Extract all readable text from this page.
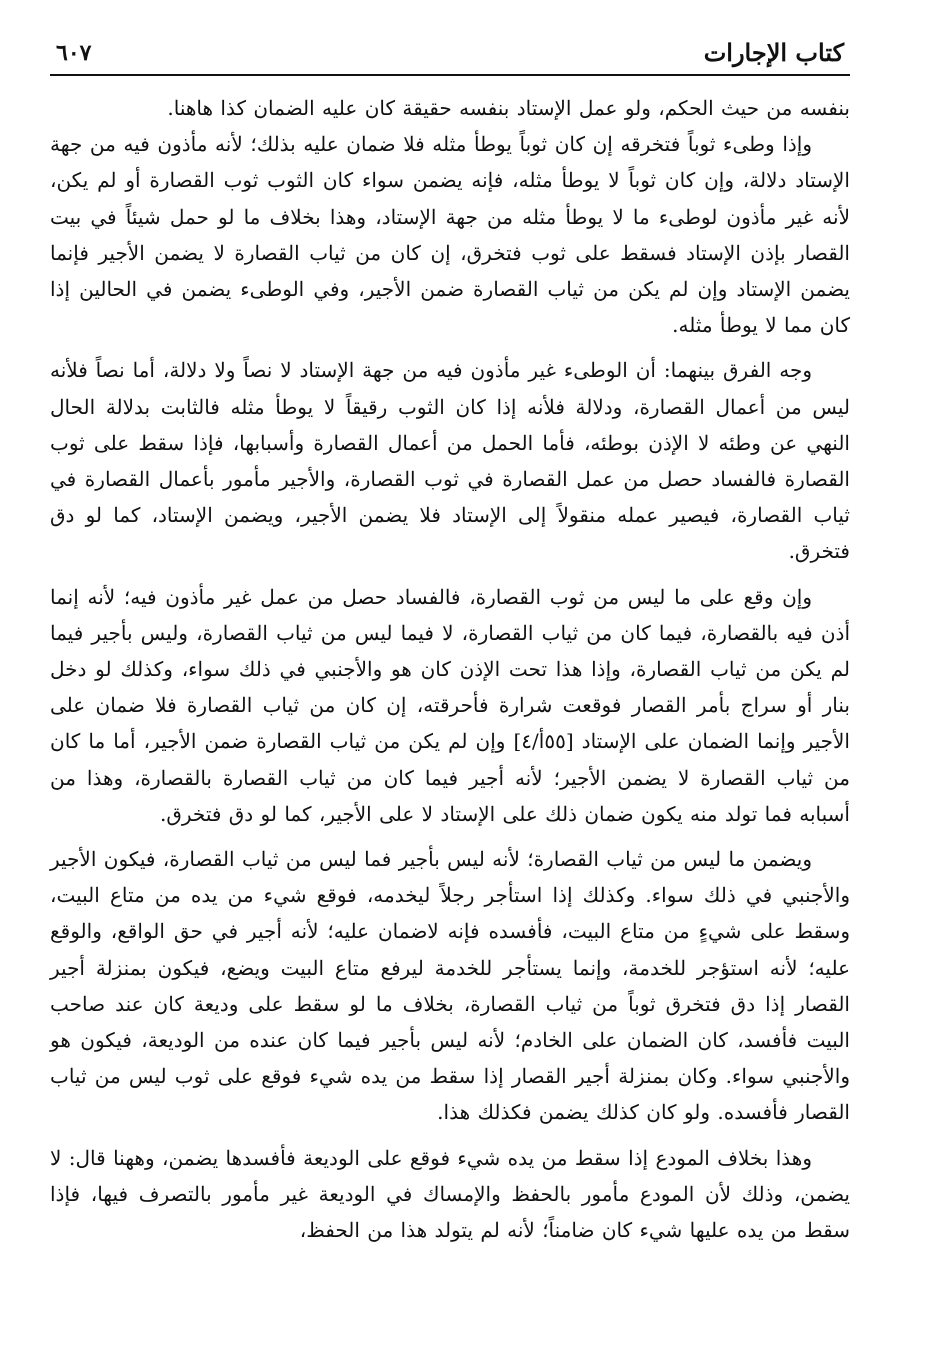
كتاب الإجارات
٦٠٧

بنفسه من حيث الحكم، ولو عمل الإستاد بنفسه حقيقة كان عليه الضمان كذا هاهنا.

وإذا وطىء ثوباً فتخرقه إن كان ثوباً يوطأ مثله فلا ضمان عليه بذلك؛ لأنه مأذون فيه من جهة الإستاد دلالة، وإن كان ثوباً لا يوطأ مثله، فإنه يضمن سواء كان الثوب ثوب القصارة أو لم يكن، لأنه غير مأذون لوطىء ما لا يوطأ مثله من جهة الإستاد، وهذا بخلاف ما لو حمل شيئاً في بيت القصار بإذن الإستاد فسقط على ثوب فتخرق، إن كان من ثياب القصارة لا يضمن الأجير فإنما يضمن الإستاد وإن لم يكن من ثياب القصارة ضمن الأجير، وفي الوطىء يضمن في الحالين إذا كان مما لا يوطأ مثله.

وجه الفرق بينهما: أن الوطىء غير مأذون فيه من جهة الإستاد لا نصاً ولا دلالة، أما نصاً فلأنه ليس من أعمال القصارة، ودلالة فلأنه إذا كان الثوب رقيقاً لا يوطأ مثله فالثابت بدلالة الحال النهي عن وطئه لا الإذن بوطئه، فأما الحمل من أعمال القصارة وأسبابها، فإذا سقط على ثوب القصارة فالفساد حصل من عمل القصارة في ثوب القصارة، والأجير مأمور بأعمال القصارة في ثياب القصارة، فيصير عمله منقولاً إلى الإستاد فلا يضمن الأجير، ويضمن الإستاد، كما لو دق فتخرق.

وإن وقع على ما ليس من ثوب القصارة، فالفساد حصل من عمل غير مأذون فيه؛ لأنه إنما أذن فيه بالقصارة، فيما كان من ثياب القصارة، لا فيما ليس من ثياب القصارة، وليس بأجير فيما لم يكن من ثياب القصارة، وإذا هذا تحت الإذن كان هو والأجنبي في ذلك سواء، وكذلك لو دخل بنار أو سراج بأمر القصار فوقعت شرارة فأحرقته، إن كان من ثياب القصارة فلا ضمان على الأجير وإنما الضمان على الإستاد [٥٥أ/٤] وإن لم يكن من ثياب القصارة ضمن الأجير، أما ما كان من ثياب القصارة لا يضمن الأجير؛ لأنه أجير فيما كان من ثياب القصارة بالقصارة، وهذا من أسبابه فما تولد منه يكون ضمان ذلك على الإستاد لا على الأجير، كما لو دق فتخرق.

ويضمن ما ليس من ثياب القصارة؛ لأنه ليس بأجير فما ليس من ثياب القصارة، فيكون الأجير والأجنبي في ذلك سواء. وكذلك إذا استأجر رجلاً ليخدمه، فوقع شيء من يده من متاع البيت، وسقط على شيءٍ من متاع البيت، فأفسده فإنه لاضمان عليه؛ لأنه أجير في حق الواقع، والوقع عليه؛ لأنه استؤجر للخدمة، وإنما يستأجر للخدمة ليرفع متاع البيت ويضع، فيكون بمنزلة أجير القصار إذا دق فتخرق ثوباً من ثياب القصارة، بخلاف ما لو سقط على وديعة كان عند صاحب البيت فأفسد، كان الضمان على الخادم؛ لأنه ليس بأجير فيما كان عنده من الوديعة، فيكون هو والأجنبي سواء. وكان بمنزلة أجير القصار إذا سقط من يده شيء فوقع على ثوب ليس من ثياب القصار فأفسده. ولو كان كذلك يضمن فكذلك هذا.

وهذا بخلاف المودع إذا سقط من يده شيء فوقع على الوديعة فأفسدها يضمن، وههنا قال: لا يضمن، وذلك لأن المودع مأمور بالحفظ والإمساك في الوديعة غير مأمور بالتصرف فيها، فإذا سقط من يده عليها شيء كان ضامناً؛ لأنه لم يتولد هذا من الحفظ،
